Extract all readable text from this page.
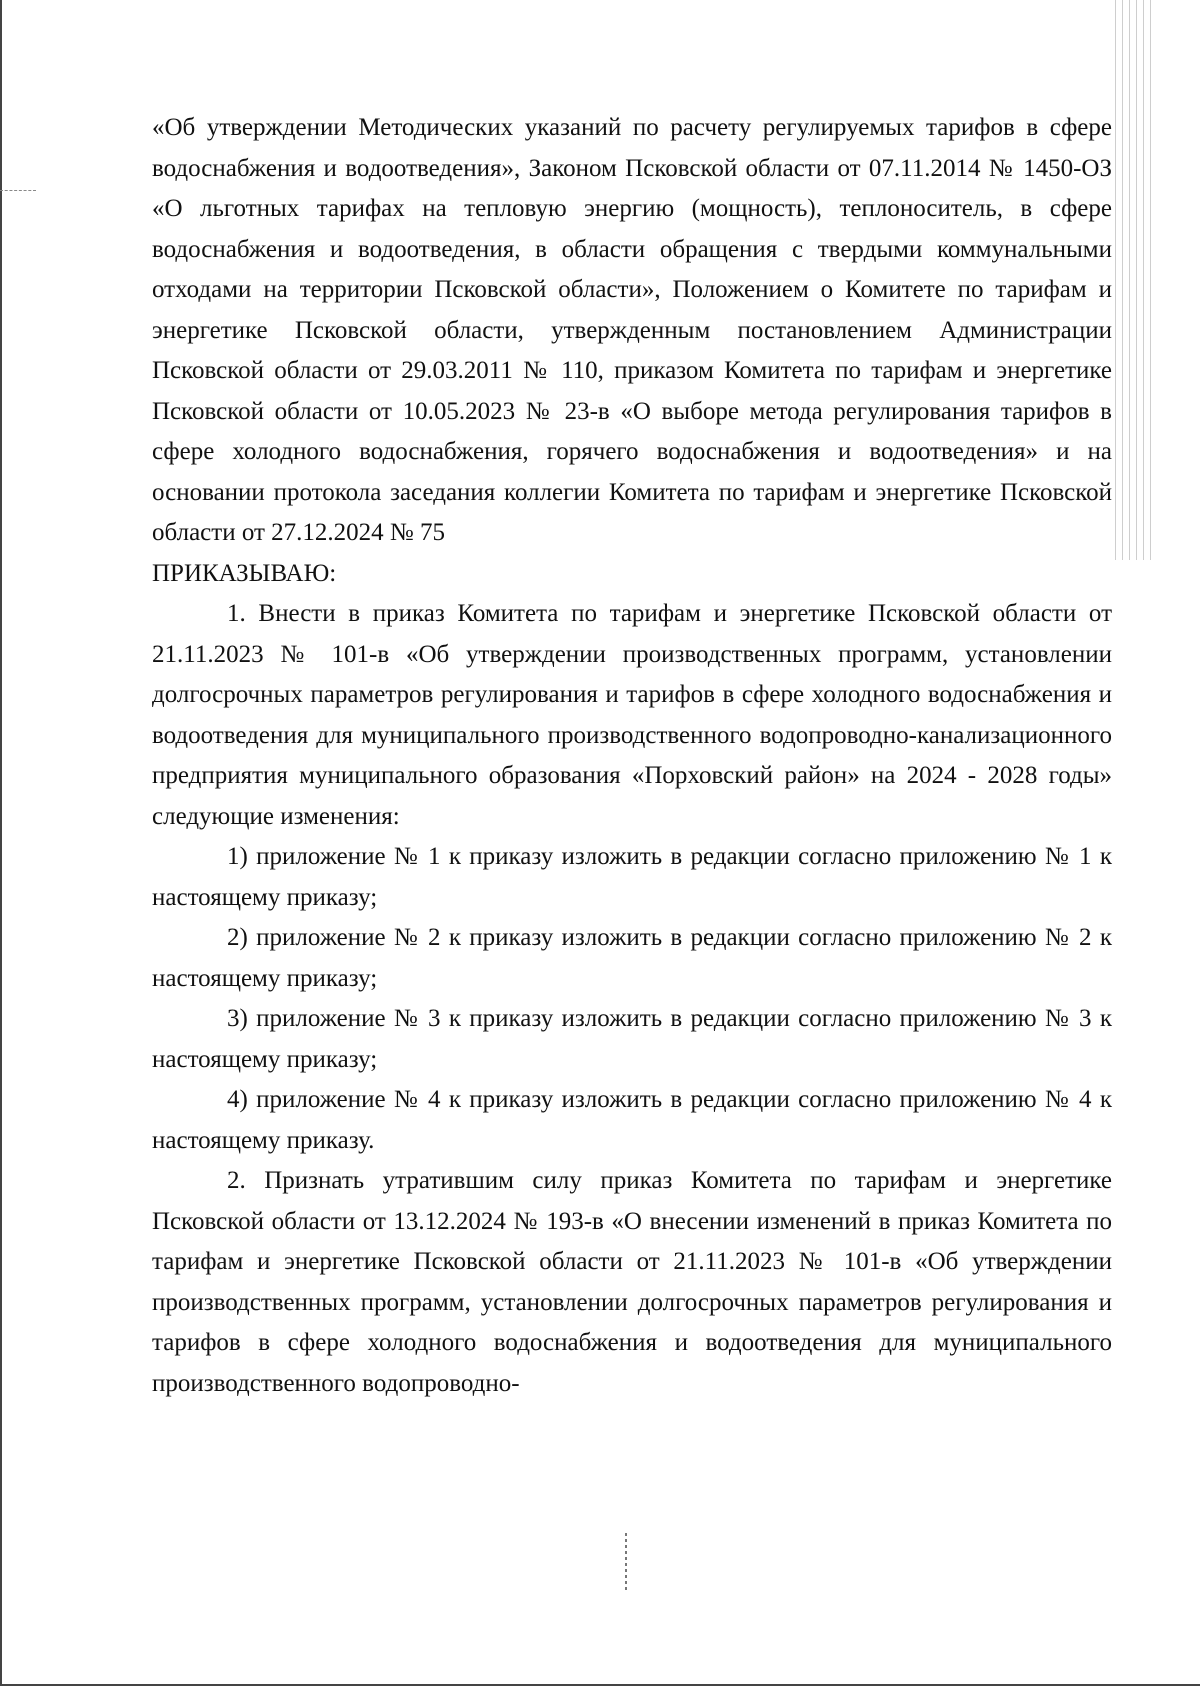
«Об утверждении Методических указаний по расчету регулируемых тарифов в сфере водоснабжения и водоотведения», Законом Псковской области от 07.11.2014 № 1450-ОЗ «О льготных тарифах на тепловую энергию (мощность), теплоноситель, в сфере водоснабжения и водоотведения, в области обращения с твердыми коммунальными отходами на территории Псковской области», Положением о Комитете по тарифам и энергетике Псковской области, утвержденным постановлением Администрации Псковской области от 29.03.2011 № 110, приказом Комитета по тарифам и энергетике Псковской области от 10.05.2023 № 23-в «О выборе метода регулирования тарифов в сфере холодного водоснабжения, горячего водоснабжения и водоотведения» и на основании протокола заседания коллегии Комитета по тарифам и энергетике Псковской области от 27.12.2024 № 75

ПРИКАЗЫВАЮ:

1. Внести в приказ Комитета по тарифам и энергетике Псковской области от 21.11.2023 № 101-в «Об утверждении производственных программ, установлении долгосрочных параметров регулирования и тарифов в сфере холодного водоснабжения и водоотведения для муниципального производственного водопроводно-канализационного предприятия муниципального образования «Порховский район» на 2024 - 2028 годы» следующие изменения:

1) приложение № 1 к приказу изложить в редакции согласно приложению № 1 к настоящему приказу;

2) приложение № 2 к приказу изложить в редакции согласно приложению № 2 к настоящему приказу;

3) приложение № 3 к приказу изложить в редакции согласно приложению № 3 к настоящему приказу;

4) приложение № 4 к приказу изложить в редакции согласно приложению № 4 к настоящему приказу.

2. Признать утратившим силу приказ Комитета по тарифам и энергетике Псковской области от 13.12.2024 № 193-в «О внесении изменений в приказ Комитета по тарифам и энергетике Псковской области от 21.11.2023 № 101-в «Об утверждении производственных программ, установлении долгосрочных параметров регулирования и тарифов в сфере холодного водоснабжения и водоотведения для муниципального производственного водопроводно-
